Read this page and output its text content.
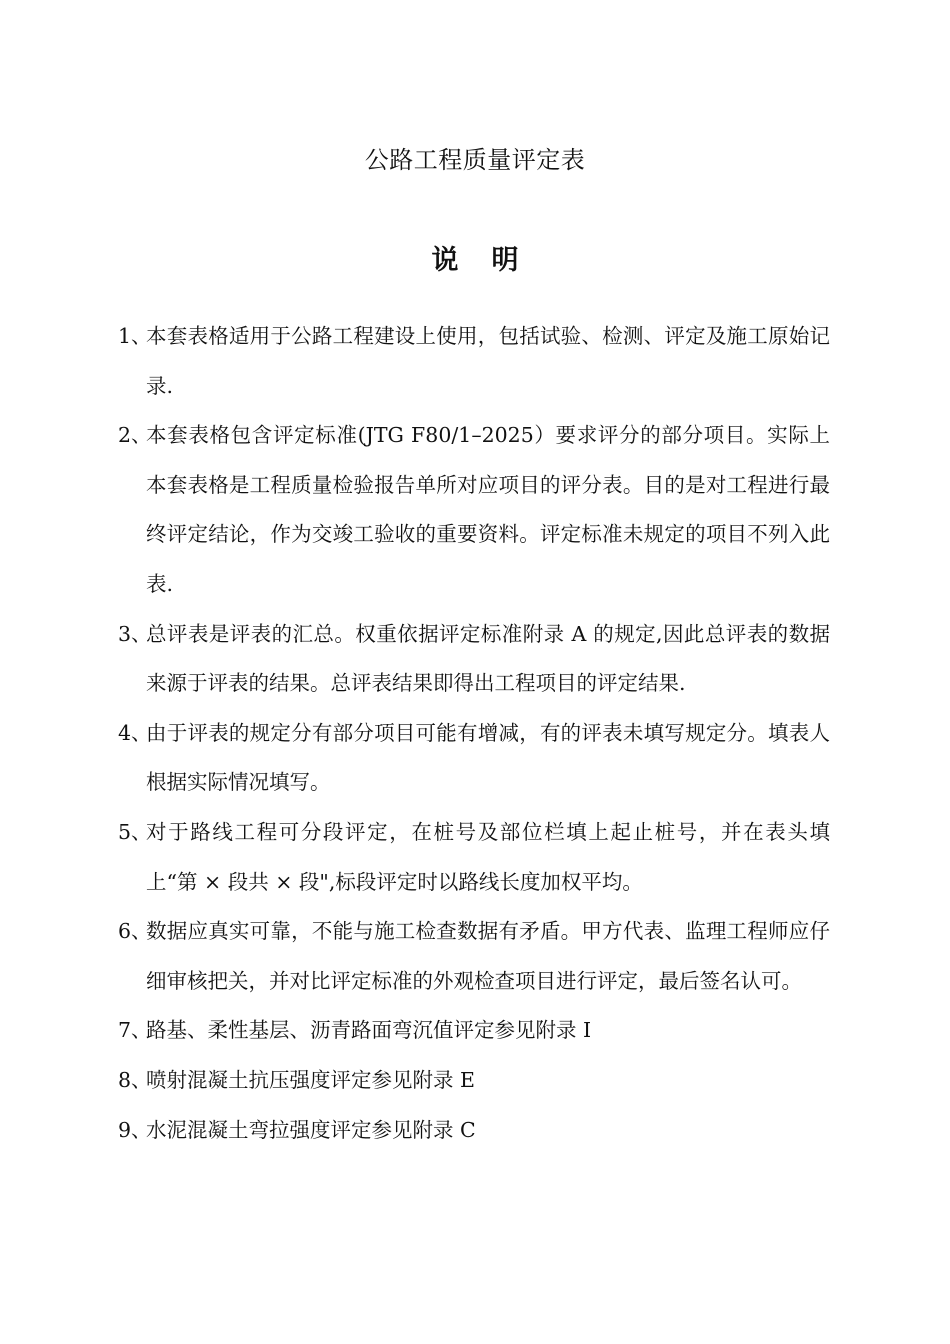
公路工程质量评定表
说 明
1、
本套表格适用于公路工程建设上使用，包括试验、检测、评定及施工原始记录.
2、
本套表格包含评定标准(JTG F80/1–2025）要求评分的部分项目。实际上本套表格是工程质量检验报告单所对应项目的评分表。目的是对工程进行最终评定结论，作为交竣工验收的重要资料。评定标准未规定的项目不列入此表.
3、
总评表是评表的汇总。权重依据评定标准附录 A 的规定,因此总评表的数据来源于评表的结果。总评表结果即得出工程项目的评定结果.
4、
由于评表的规定分有部分项目可能有增减，有的评表未填写规定分。填表人根据实际情况填写。
5、
对于路线工程可分段评定，在桩号及部位栏填上起止桩号，并在表头填上“第 × 段共 × 段",标段评定时以路线长度加权平均。
6、
数据应真实可靠，不能与施工检查数据有矛盾。甲方代表、监理工程师应仔细审核把关，并对比评定标准的外观检查项目进行评定，最后签名认可。
7、
路基、柔性基层、沥青路面弯沉值评定参见附录 I
8、
喷射混凝土抗压强度评定参见附录 E
9、
水泥混凝土弯拉强度评定参见附录 C
